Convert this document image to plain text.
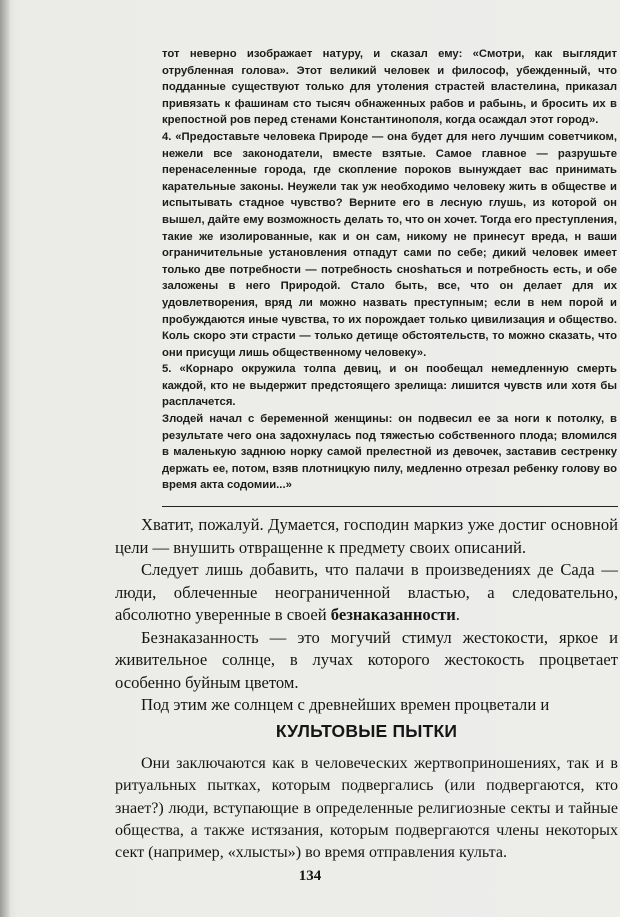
тот неверно изображает натуру, и сказал ему: «Смотри, как выглядит отрубленная голова». Этот великий человек и философ, убежденный, что подданные существуют только для утоления страстей властелина, приказал привязать к фашинам сто тысяч обнаженных рабов и рабынь, и бросить их в крепостной ров перед стенами Константинополя, когда осаждал этот город».

4. «Предоставьте человека Природе — она будет для него лучшим советчиком, нежели все законодатели, вместе взятые. Самое главное — разрушьте перенаселенные города, где скопление пороков вынуждает вас принимать карательные законы. Неужели так уж необходимо человеку жить в обществе и испытывать стадное чувство? Верните его в лесную глушь, из которой он вышел, дайте ему возможность делать то, что он хочет. Тогда его преступления, такие же изолированные, как и он сам, никому не принесут вреда, н ваши ограничительные установления отпадут сами по себе; дикий человек имеет только две потребности — потребность сноshаться и потребность есть, и обе заложены в него Природой. Стало быть, все, что он делает для их удовлетворения, вряд ли можно назвать преступным; если в нем порой и пробуждаются иные чувства, то их порождает только цивилизация и общество. Коль скоро эти страсти — только детище обстоятельств, то можно сказать, что они присущи лишь общественному человеку».

5. «Корнаро окружила толпа девиц, и он пообещал немедленную смерть каждой, кто не выдержит предстоящего зрелища: лишится чувств или хотя бы расплачется.

Злодей начал с беременной женщины: он подвесил ее за ноги к потолку, в результате чего она задохнулась под тяжестью собственного плода; вломился в маленькую заднюю норку самой прелестной из девочек, заставив сестренку держать ее, потом, взяв плотницкую пилу, медленно отрезал ребенку голову во время акта содомии...»

Хватит, пожалуй. Думается, господин маркиз уже достиг основной цели — внушить отвращенне к предмету своих описаний.

Следует лишь добавить, что палачи в произведениях де Сада — люди, облеченные неограниченной властью, а следовательно, абсолютно уверенные в своей безнаказанности.

Безнаказанность — это могучий стимул жестокости, яркое и живительное солнце, в лучах которого жестокость процветает особенно буйным цветом.

Под этим же солнцем с древнейших времен процветали и

КУЛЬТОВЫЕ ПЫТКИ

Они заключаются как в человеческих жертвоприношениях, так и в ритуальных пытках, которым подвергались (или подвергаются, кто знает?) люди, вступающие в определенные религиозные секты и тайные общества, а также истязания, которым подвергаются члены некоторых сект (например, «хлысты») во время отправления культа.

134
